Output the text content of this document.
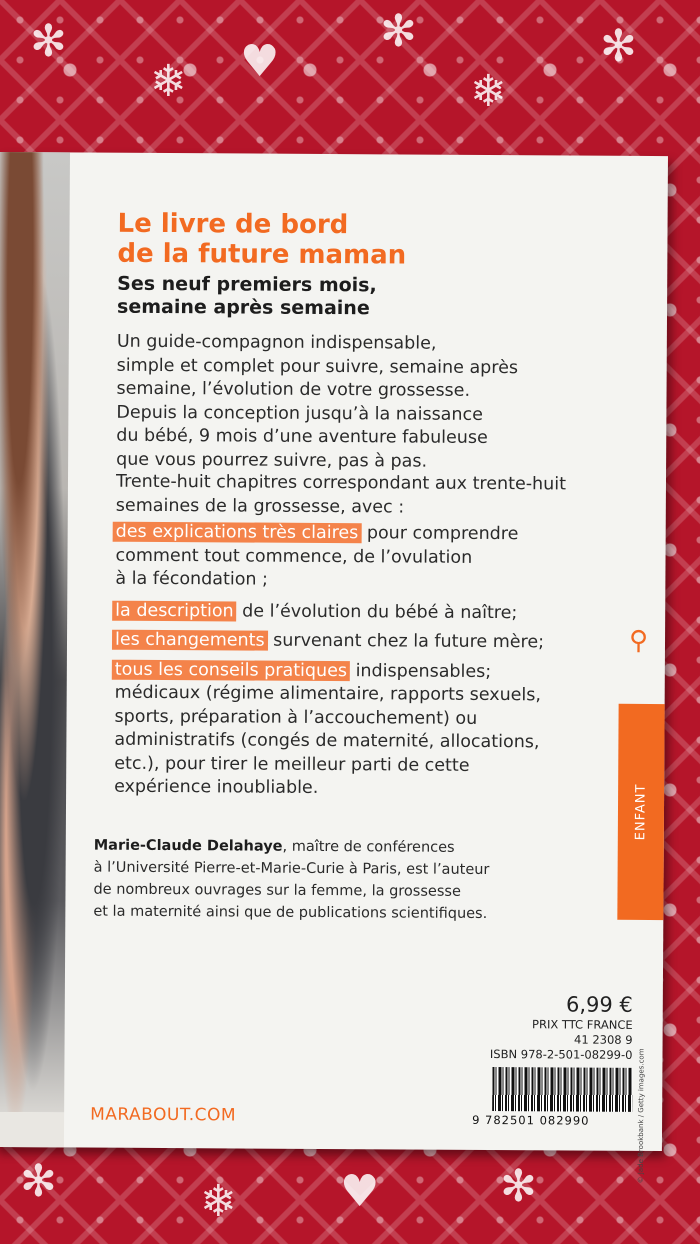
✻
❄ ♥
✻
❄
✻
✻	❄ ♥	✻
Le livre de bord
de la future maman
Ses neuf premiers mois,
semaine après semaine
Un guide-compagnon indispensable,
simple et complet pour suivre, semaine après
semaine, l’évolution de votre grossesse.
Depuis la conception jusqu’à la naissance
du bébé, 9 mois d’une aventure fabuleuse
que vous pourrez suivre, pas à pas.
Trente-huit chapitres correspondant aux trente-huit
semaines de la grossesse, avec :
des explications très claires pour comprendre
comment tout commence, de l’ovulation
à la fécondation ;
la description de l’évolution du bébé à naître;
les changements survenant chez la future mère;
tous les conseils pratiques indispensables;
médicaux (régime alimentaire, rapports sexuels,
sports, préparation à l’accouchement) ou
administratifs (congés de maternité, allocations,
etc.), pour tirer le meilleur parti de cette
expérience inoubliable.
⚲
ENFANT
© Jade Brookbank / Getty images.com
Marie-Claude Delahaye, maître de conférences
à l’Université Pierre-et-Marie-Curie à Paris, est l’auteur
de nombreux ouvrages sur la femme, la grossesse
et la maternité ainsi que de publications scientifiques.
6,99 €
PRIX TTC FRANCE
41 2308 9
ISBN 978-2-501-08299-0
9 782501 082990
MARABOUT.COM
